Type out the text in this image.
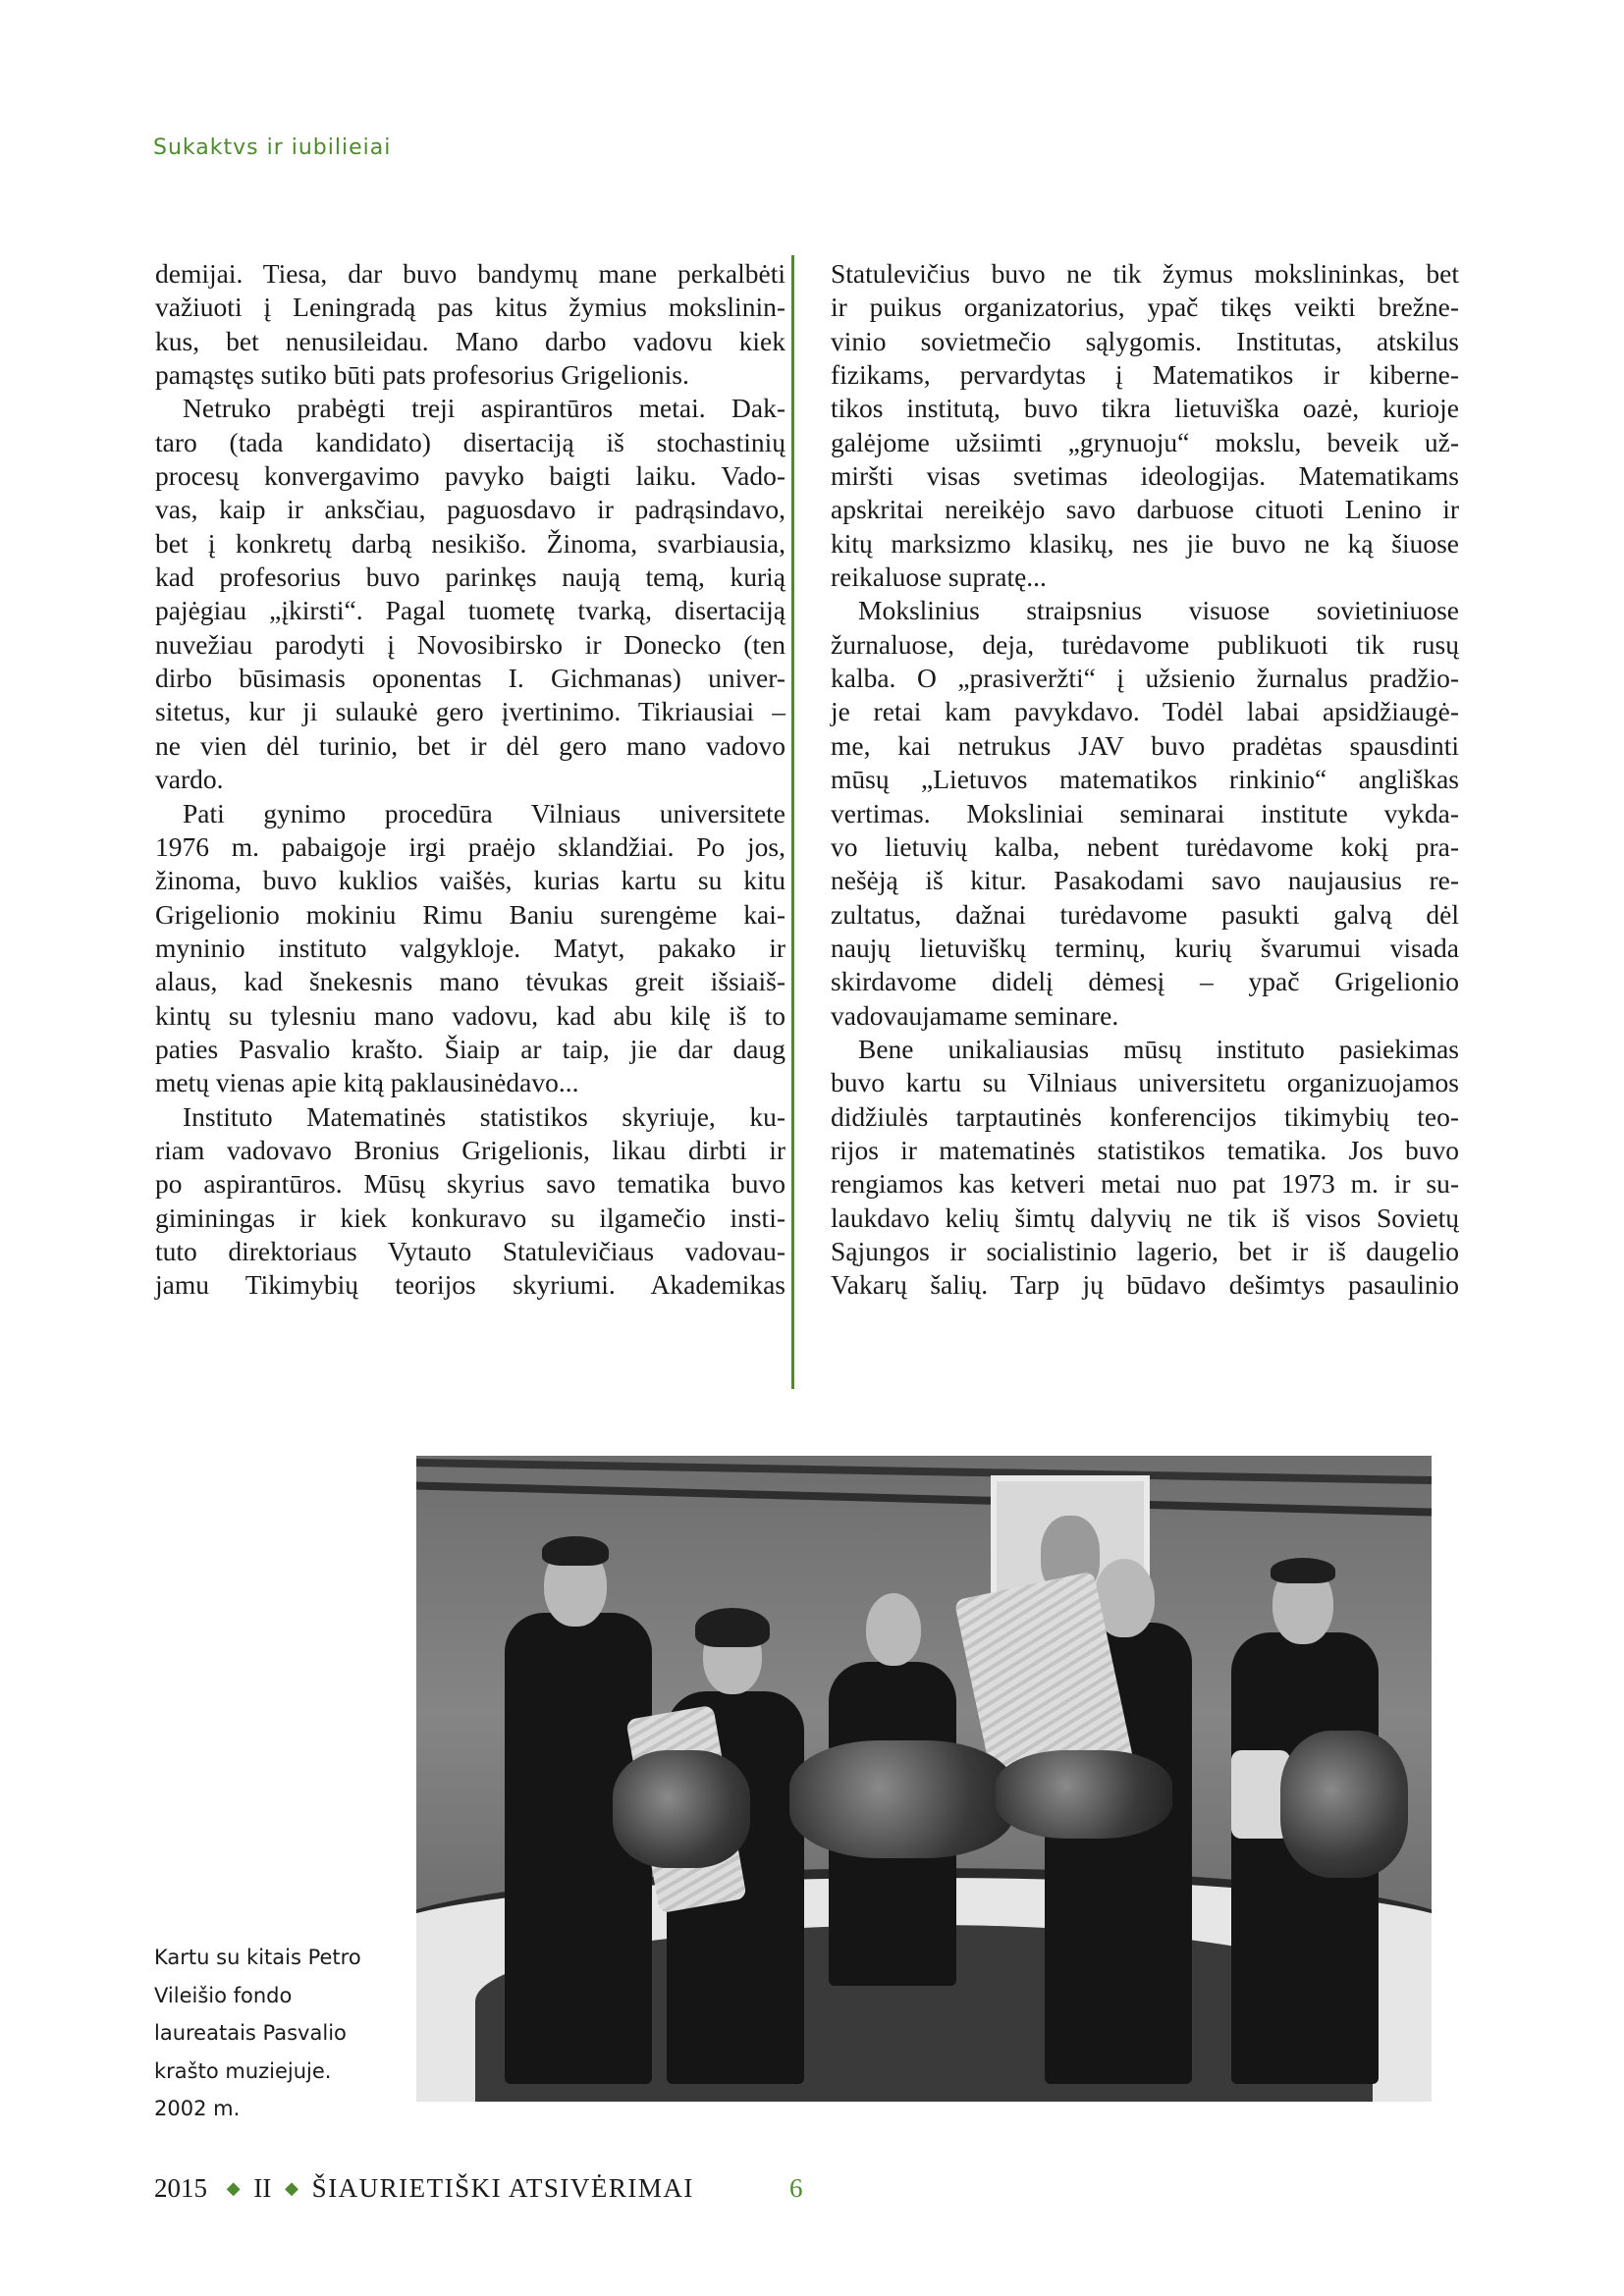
Sukaktvs ir iubilieiai
demijai. Tiesa, dar buvo bandymų mane perkalbėti
važiuoti į Leningradą pas kitus žymius mokslinin-
kus, bet nenusileidau. Mano darbo vadovu kiek
pamąstęs sutiko būti pats profesorius Grigelionis.
Netruko prabėgti treji aspirantūros metai. Dak-
taro (tada kandidato) disertaciją iš stochastinių
procesų konvergavimo pavyko baigti laiku. Vado-
vas, kaip ir anksčiau, paguosdavo ir padrąsindavo,
bet į konkretų darbą nesikišo. Žinoma, svarbiausia,
kad profesorius buvo parinkęs naują temą, kurią
pajėgiau „įkirsti“. Pagal tuometę tvarką, disertaciją
nuvežiau parodyti į Novosibirsko ir Donecko (ten
dirbo būsimasis oponentas I. Gichmanas) univer-
sitetus, kur ji sulaukė gero įvertinimo. Tikriausiai –
ne vien dėl turinio, bet ir dėl gero mano vadovo
vardo.
Pati gynimo procedūra Vilniaus universitete
1976 m. pabaigoje irgi praėjo sklandžiai. Po jos,
žinoma, buvo kuklios vaišės, kurias kartu su kitu
Grigelionio mokiniu Rimu Baniu surengėme kai-
myninio instituto valgykloje. Matyt, pakako ir
alaus, kad šnekesnis mano tėvukas greit išsiaiš-
kintų su tylesniu mano vadovu, kad abu kilę iš to
paties Pasvalio krašto. Šiaip ar taip, jie dar daug
metų vienas apie kitą paklausinėdavo...
Instituto Matematinės statistikos skyriuje, ku-
riam vadovavo Bronius Grigelionis, likau dirbti ir
po aspirantūros. Mūsų skyrius savo tematika buvo
giminingas ir kiek konkuravo su ilgamečio insti-
tuto direktoriaus Vytauto Statulevičiaus vadovau-
jamu Tikimybių teorijos skyriumi. Akademikas
Statulevičius buvo ne tik žymus mokslininkas, bet
ir puikus organizatorius, ypač tikęs veikti brežne-
vinio sovietmečio sąlygomis. Institutas, atskilus
fizikams, pervardytas į Matematikos ir kiberne-
tikos institutą, buvo tikra lietuviška oazė, kurioje
galėjome užsiimti „grynuoju“ mokslu, beveik už-
miršti visas svetimas ideologijas. Matematikams
apskritai nereikėjo savo darbuose cituoti Lenino ir
kitų marksizmo klasikų, nes jie buvo ne ką šiuose
reikaluose supratę...
Mokslinius straipsnius visuose sovietiniuose
žurnaluose, deja, turėdavome publikuoti tik rusų
kalba. O „prasiveržti“ į užsienio žurnalus pradžio-
je retai kam pavykdavo. Todėl labai apsidžiaugė-
me, kai netrukus JAV buvo pradėtas spausdinti
mūsų „Lietuvos matematikos rinkinio“ angliškas
vertimas. Moksliniai seminarai institute vykda-
vo lietuvių kalba, nebent turėdavome kokį pra-
nešėją iš kitur. Pasakodami savo naujausius re-
zultatus, dažnai turėdavome pasukti galvą dėl
naujų lietuviškų terminų, kurių švarumui visada
skirdavome didelį dėmesį – ypač Grigelionio
vadovaujamame seminare.
Bene unikaliausias mūsų instituto pasiekimas
buvo kartu su Vilniaus universitetu organizuojamos
didžiulės tarptautinės konferencijos tikimybių teo-
rijos ir matematinės statistikos tematika. Jos buvo
rengiamos kas ketveri metai nuo pat 1973 m. ir su-
laukdavo kelių šimtų dalyvių ne tik iš visos Sovietų
Sąjungos ir socialistinio lagerio, bet ir iš daugelio
Vakarų šalių. Tarp jų būdavo dešimtys pasaulinio
Kartu su kitais Petro
Vileišio fondo
laureatais Pasvalio
krašto muziejuje.
2002 m.
2015 ◆ II ◆ ŠIAURIETIŠKI ATSIVĖRIMAI	6
